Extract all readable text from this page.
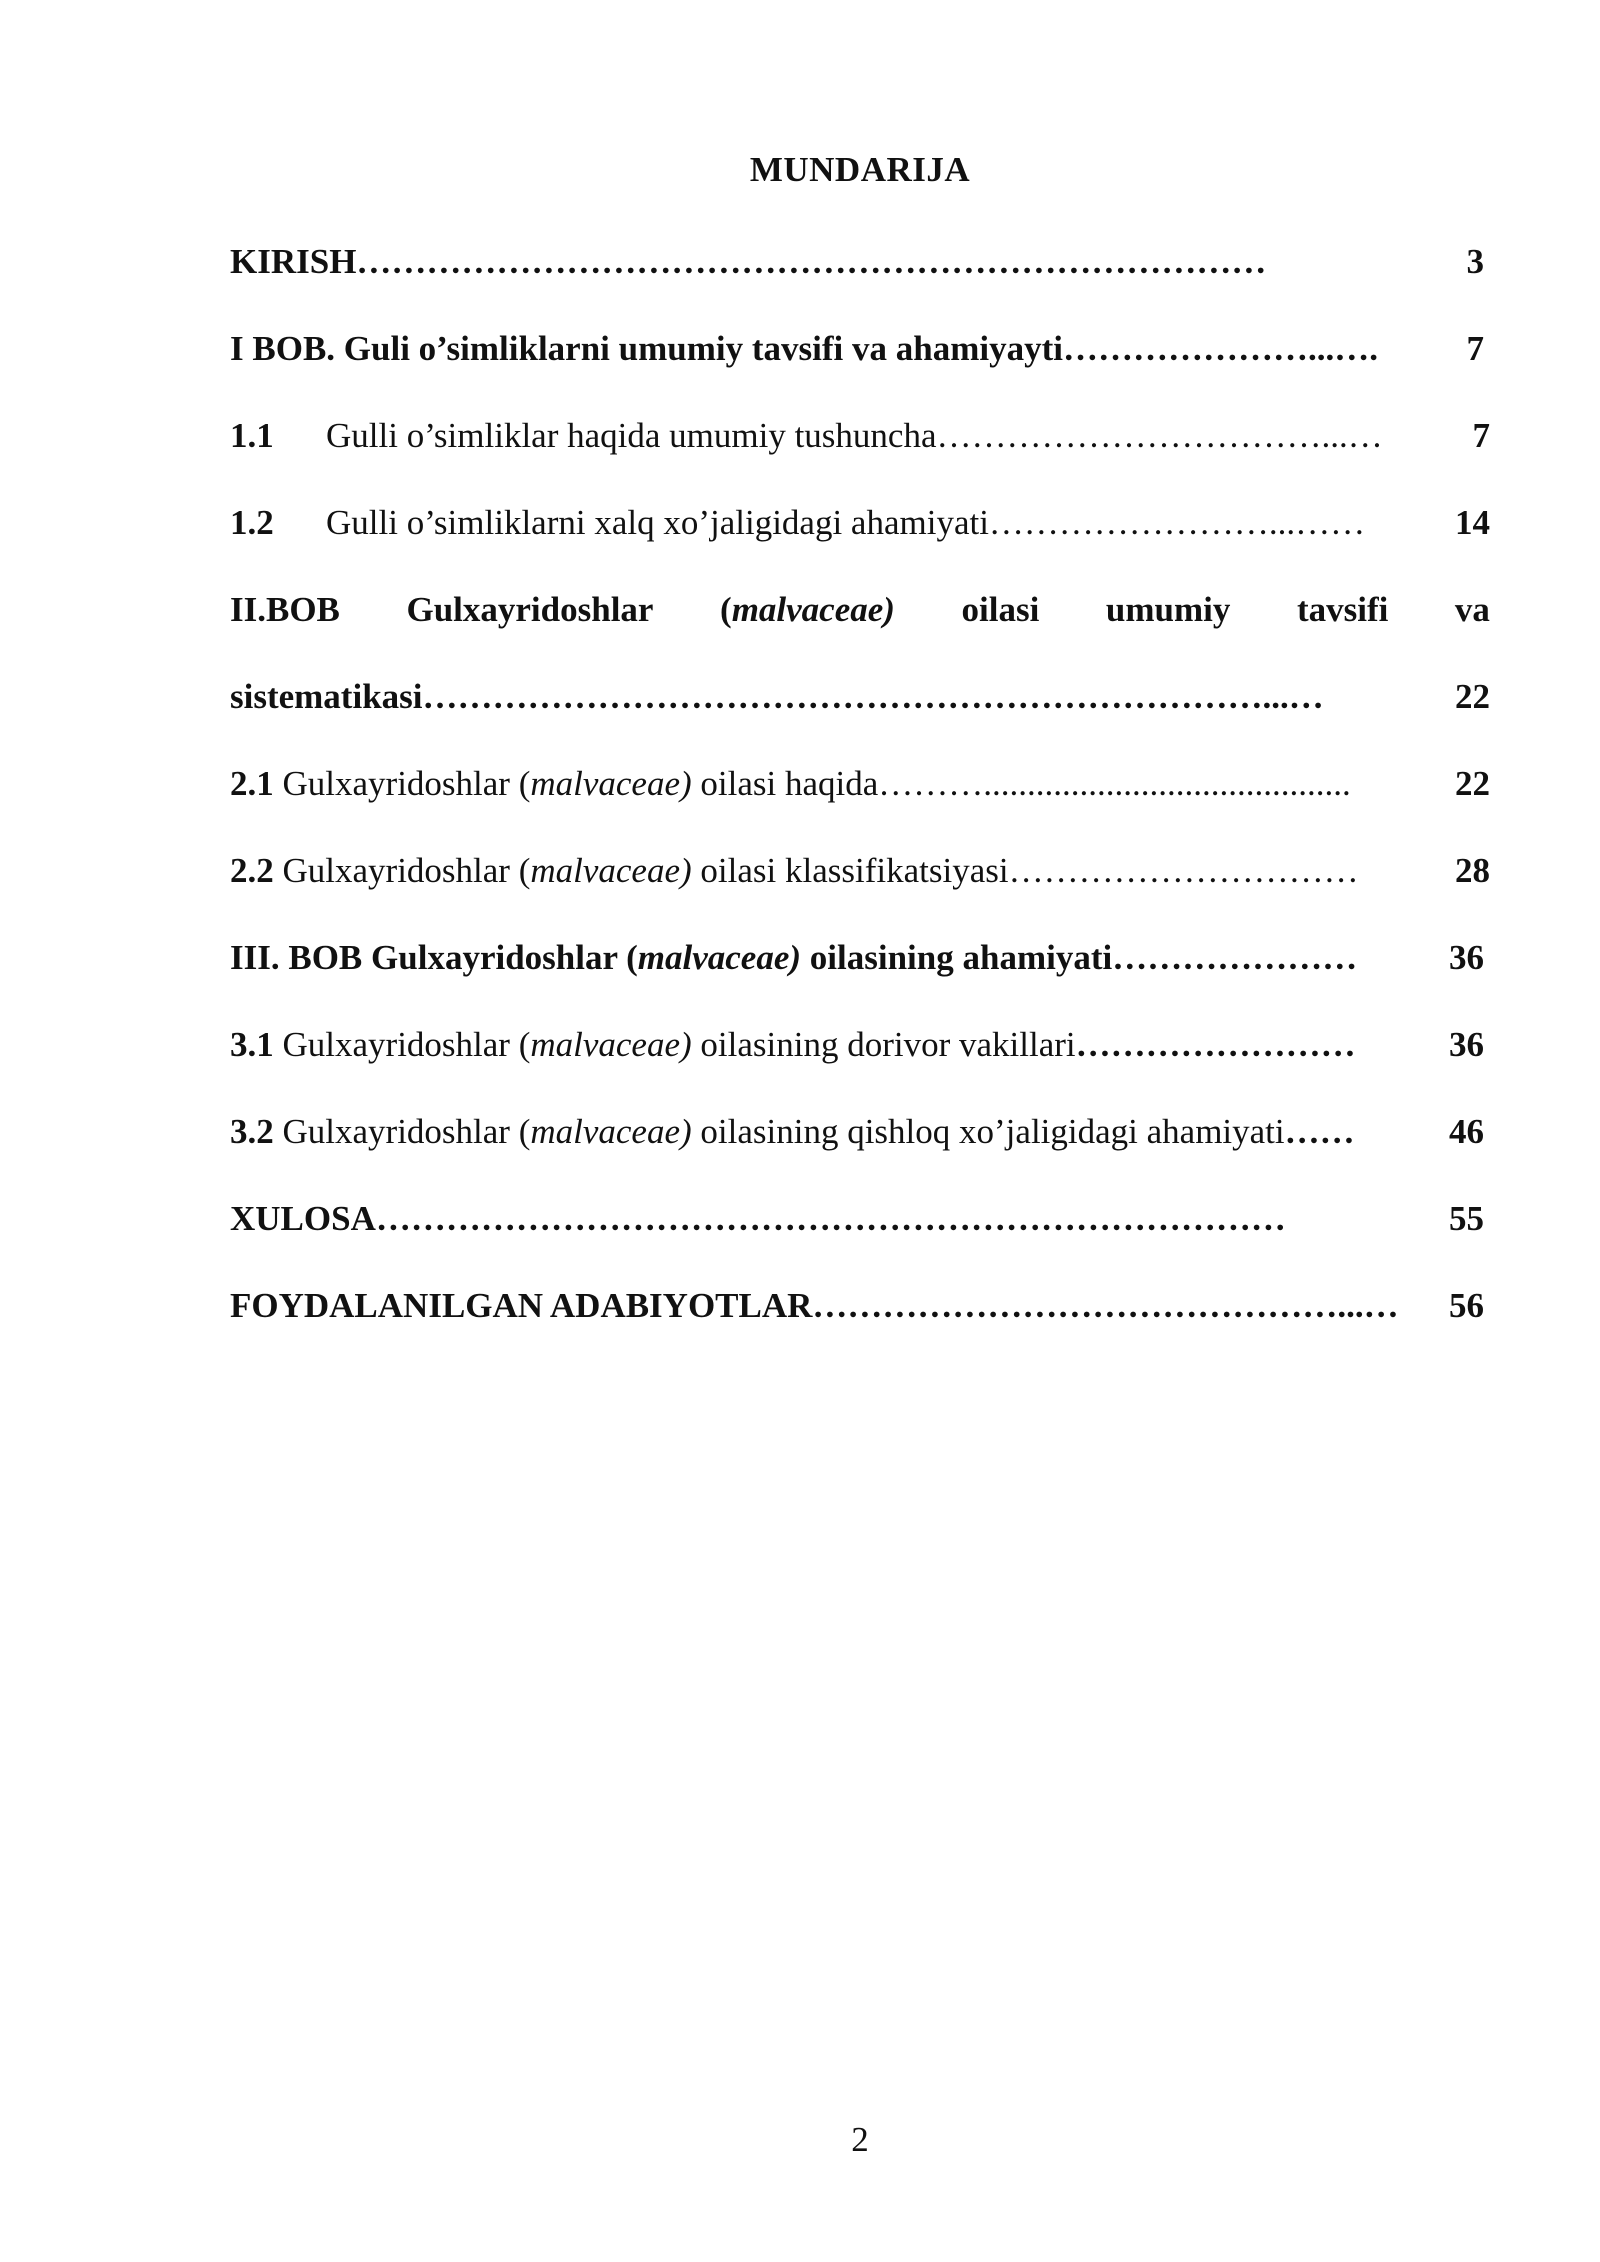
MUNDARIJA
KIRISH……………………………………………………………………	3
I BOB. Guli o’simliklarni umumiy tavsifi va ahamiyayti…………………...….	7
1.1 Gulli o’simliklar haqida umumiy tushuncha……………………………...…	7
1.2 Gulli o’simliklarni xalq xo’jaligidagi ahamiyati……………………...……	14
II.BOB Gulxayridoshlar (malvaceae) oilasi umumiy tavsifi va
sistematikasi………………………………………………………………...…	22
2.1 Gulxayridoshlar (malvaceae) oilasi haqida………..........................................	22
2.2 Gulxayridoshlar (malvaceae) oilasi klassifikatsiyasi…………………………	28
III. BOB Gulxayridoshlar (malvaceae) oilasining ahamiyati…………………	36
3.1 Gulxayridoshlar (malvaceae) oilasining dorivor vakillari……………………	36
3.2 Gulxayridoshlar (malvaceae) oilasining qishloq xo’jaligidagi ahamiyati……	46
XULOSA……………………………………………………………………	55
FOYDALANILGAN ADABIYOTLAR………………………………………...… 56
2
